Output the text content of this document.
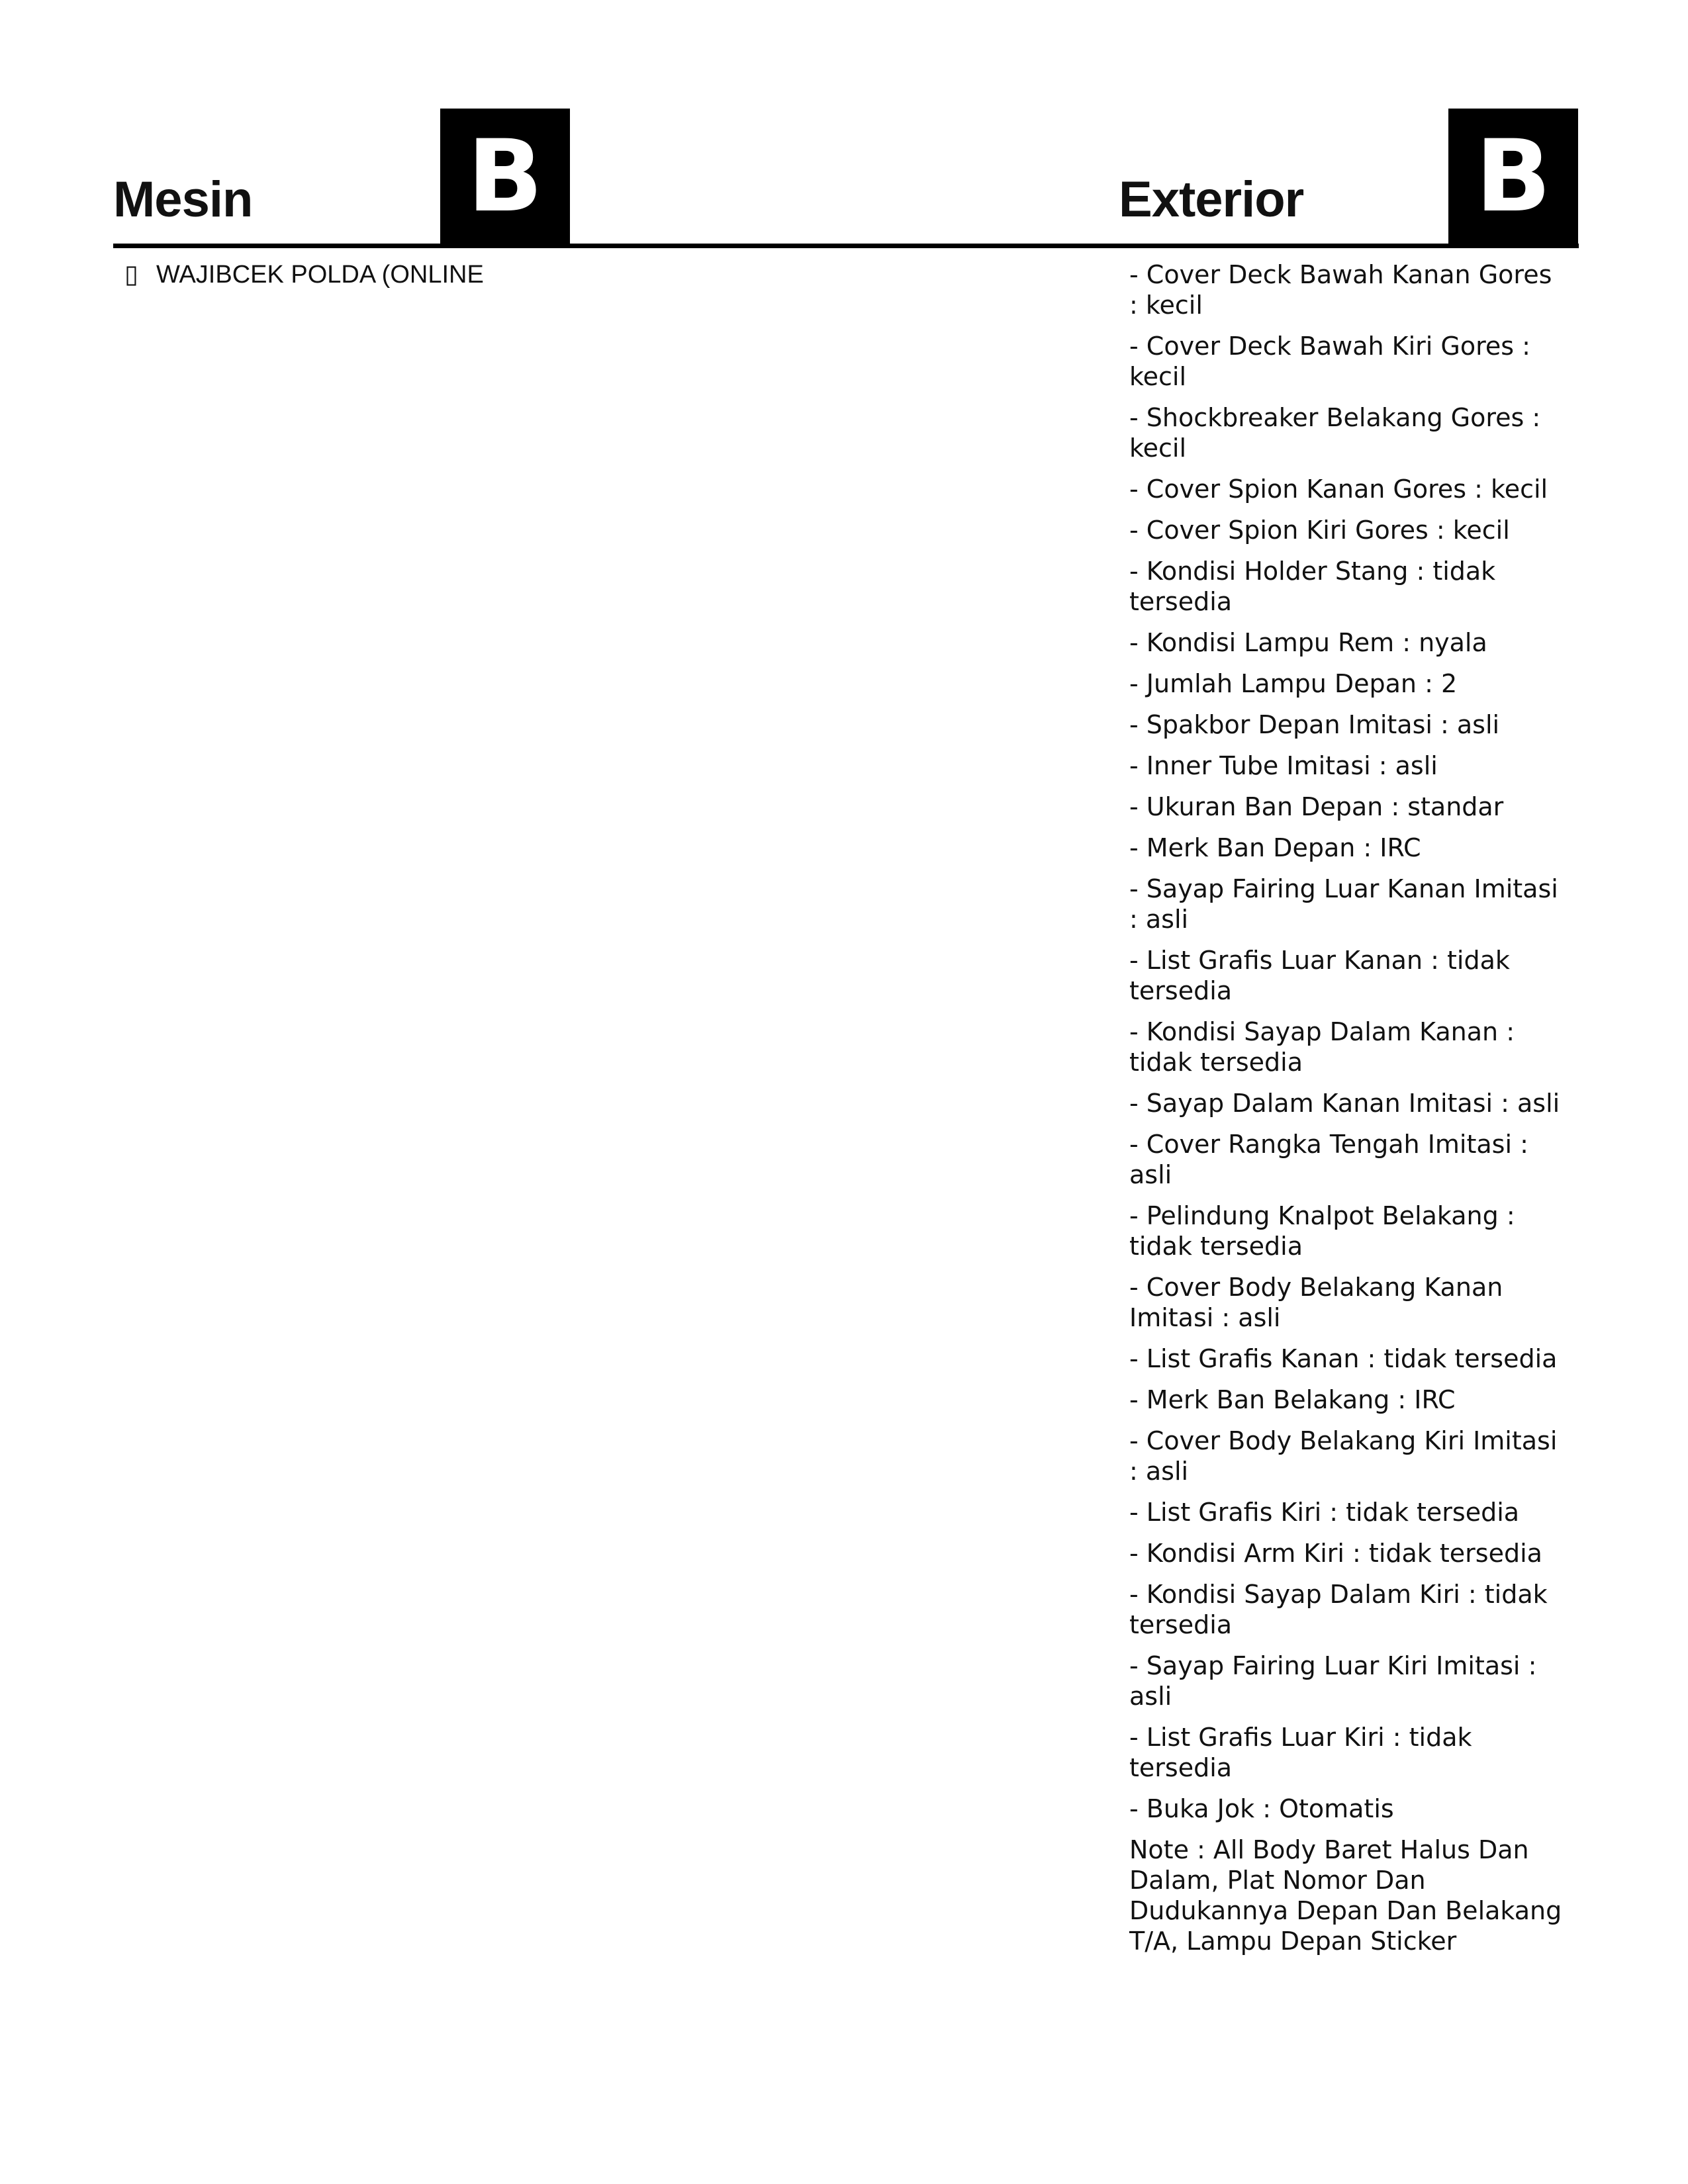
Mesin B	Exterior B
▯ WAJIBCEK POLDA (ONLINE	- Cover Deck Bawah Kanan Gores : kecil
- Cover Deck Bawah Kiri Gores : kecil
- Shockbreaker Belakang Gores : kecil
- Cover Spion Kanan Gores : kecil
- Cover Spion Kiri Gores : kecil
- Kondisi Holder Stang : tidak tersedia
- Kondisi Lampu Rem : nyala
- Jumlah Lampu Depan : 2
- Spakbor Depan Imitasi : asli
- Inner Tube Imitasi : asli
- Ukuran Ban Depan : standar
- Merk Ban Depan : IRC
- Sayap Fairing Luar Kanan Imitasi : asli
- List Grafis Luar Kanan : tidak tersedia
- Kondisi Sayap Dalam Kanan : tidak tersedia
- Sayap Dalam Kanan Imitasi : asli
- Cover Rangka Tengah Imitasi : asli
- Pelindung Knalpot Belakang : tidak tersedia
- Cover Body Belakang Kanan Imitasi : asli
- List Grafis Kanan : tidak tersedia
- Merk Ban Belakang : IRC
- Cover Body Belakang Kiri Imitasi : asli
- List Grafis Kiri : tidak tersedia
- Kondisi Arm Kiri : tidak tersedia
- Kondisi Sayap Dalam Kiri : tidak tersedia
- Sayap Fairing Luar Kiri Imitasi : asli
- List Grafis Luar Kiri : tidak tersedia
- Buka Jok : Otomatis
Note : All Body Baret Halus Dan Dalam, Plat Nomor Dan Dudukannya Depan Dan Belakang T/A, Lampu Depan Sticker
